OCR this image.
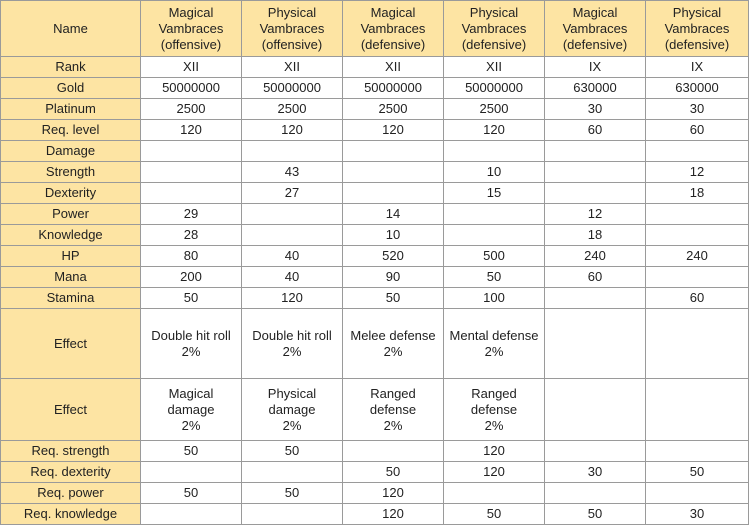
Name	Magical
Vambraces
(offensive)	Physical
Vambraces
(offensive)	Magical
Vambraces
(defensive)	Physical
Vambraces
(defensive)	Magical
Vambraces
(defensive)	Physical
Vambraces
(defensive)
Rank	XII	XII	XII	XII	IX	IX
Gold	50000000	50000000	50000000	50000000	630000	630000
Platinum	2500	2500	2500	2500	30	30
Req. level	120	120	120	120	60	60
Damage						
Strength		43		10		12
Dexterity		27		15		18
Power	29		14		12	
Knowledge	28		10		18	
HP	80	40	520	500	240	240
Mana	200	40	90	50	60	
Stamina	50	120	50	100		60
Effect	Double hit roll
2%	Double hit roll
2%	Melee defense
2%	Mental defense
2%		
Effect	Magical
damage
2%	Physical
damage
2%	Ranged
defense
2%	Ranged
defense
2%		
Req. strength	50	50		120		
Req. dexterity			50	120	30	50
Req. power	50	50	120			
Req. knowledge			120	50	50	30
